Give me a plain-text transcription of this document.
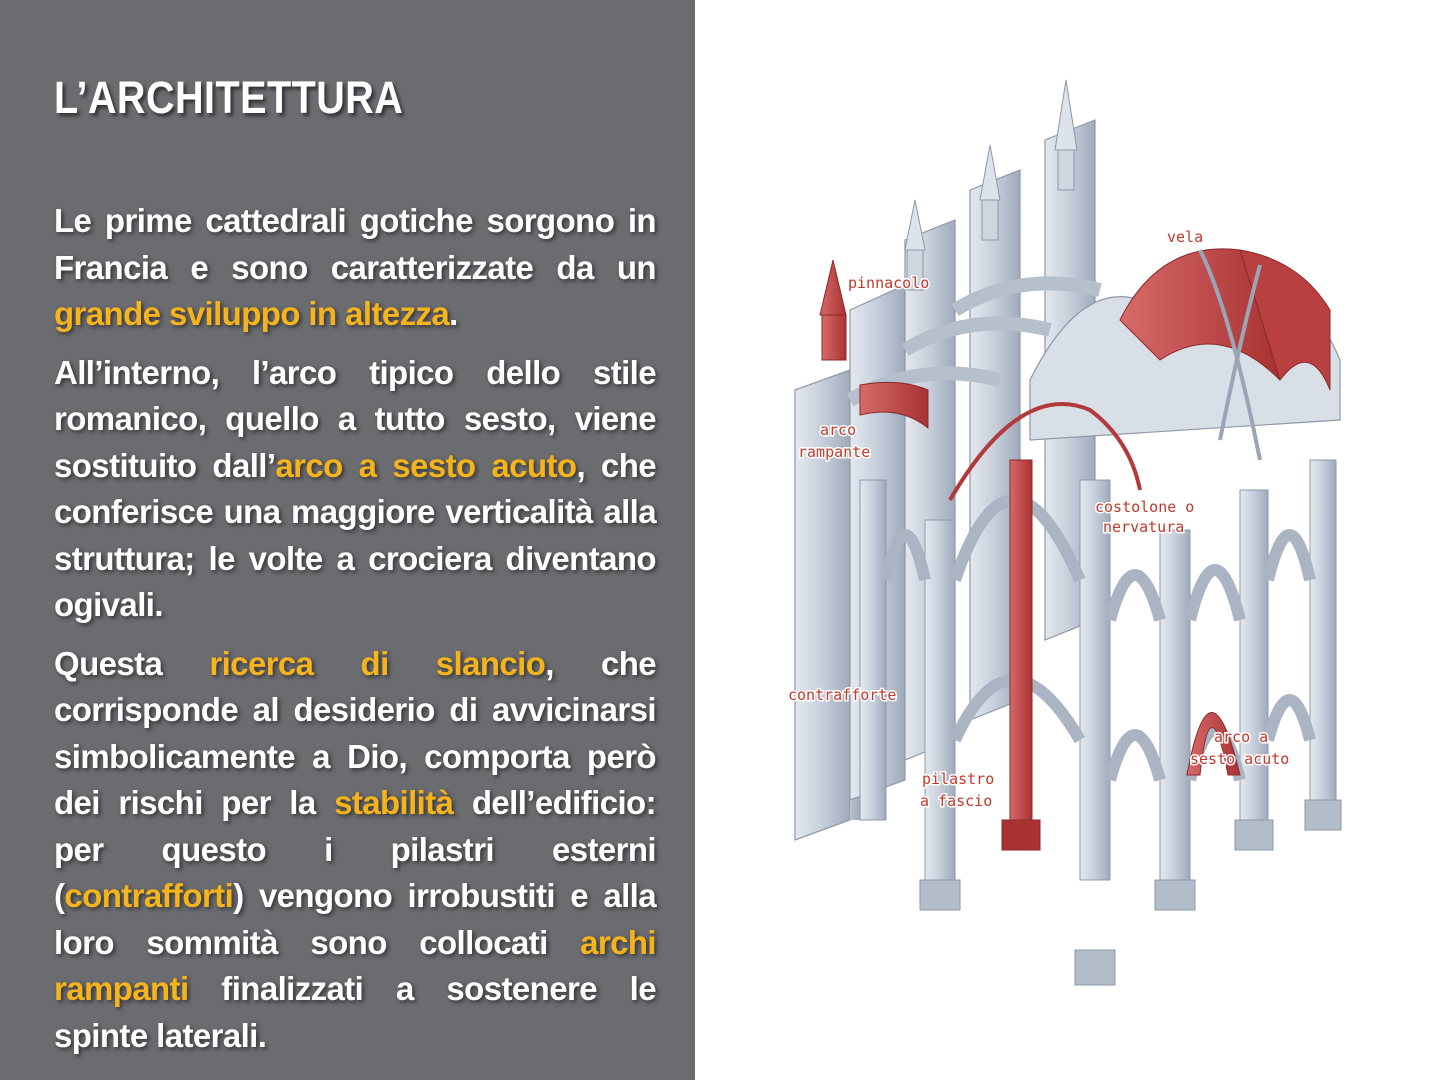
L’ARCHITETTURA

Le prime cattedrali gotiche sorgono in Francia e sono caratterizzate da un grande sviluppo in altezza.

All’interno, l’arco tipico dello stile romanico, quello a tutto sesto, viene sostituito dall’arco a sesto acuto, che conferisce una maggiore verticalità alla struttura; le volte a crociera diventano ogivali.

Questa ricerca di slancio, che corrisponde al desiderio di avvicinarsi simbolicamente a Dio, comporta però dei rischi per la stabilità dell’edificio: per questo i pilastri esterni (contrafforti) vengono irrobustiti e alla loro sommità sono collocati archi rampanti finalizzati a sostenere le spinte laterali.

vela
pinnacolo
arco
rampante
costolone o
nervatura
contrafforte
arco a
sesto acuto
pilastro
a fascio
